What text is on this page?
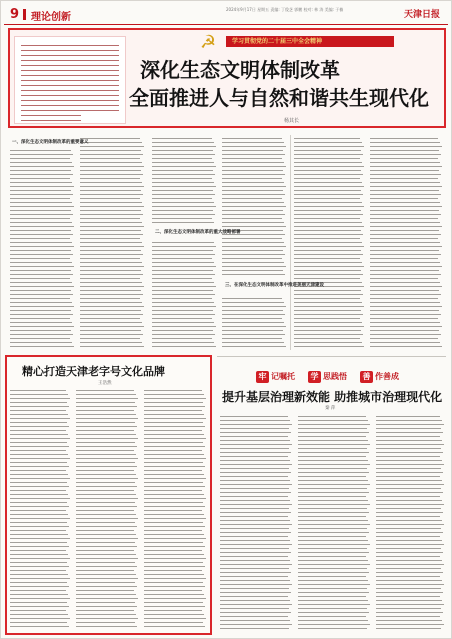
9 理论创新
2024年9月17日 星期五 责编: 丁俊芝 郭鹏 校对: 林 涛 美编: 于楠
天津日报
☭	学习贯彻党的二十届三中全会精神
深化生态文明体制改革
全面推进人与自然和谐共生现代化
杨其长
一、深化生态文明体制改革的重要意义
二、深化生态文明体制改革的重大战略部署
三、在深化生态文明体制改革中推进美丽天津建设
精心打造天津老字号文化品牌
王浩然
牢 记嘱托	学 思践悟	善 作善成
提升基层治理新效能 助推城市治理现代化
秦 萍
